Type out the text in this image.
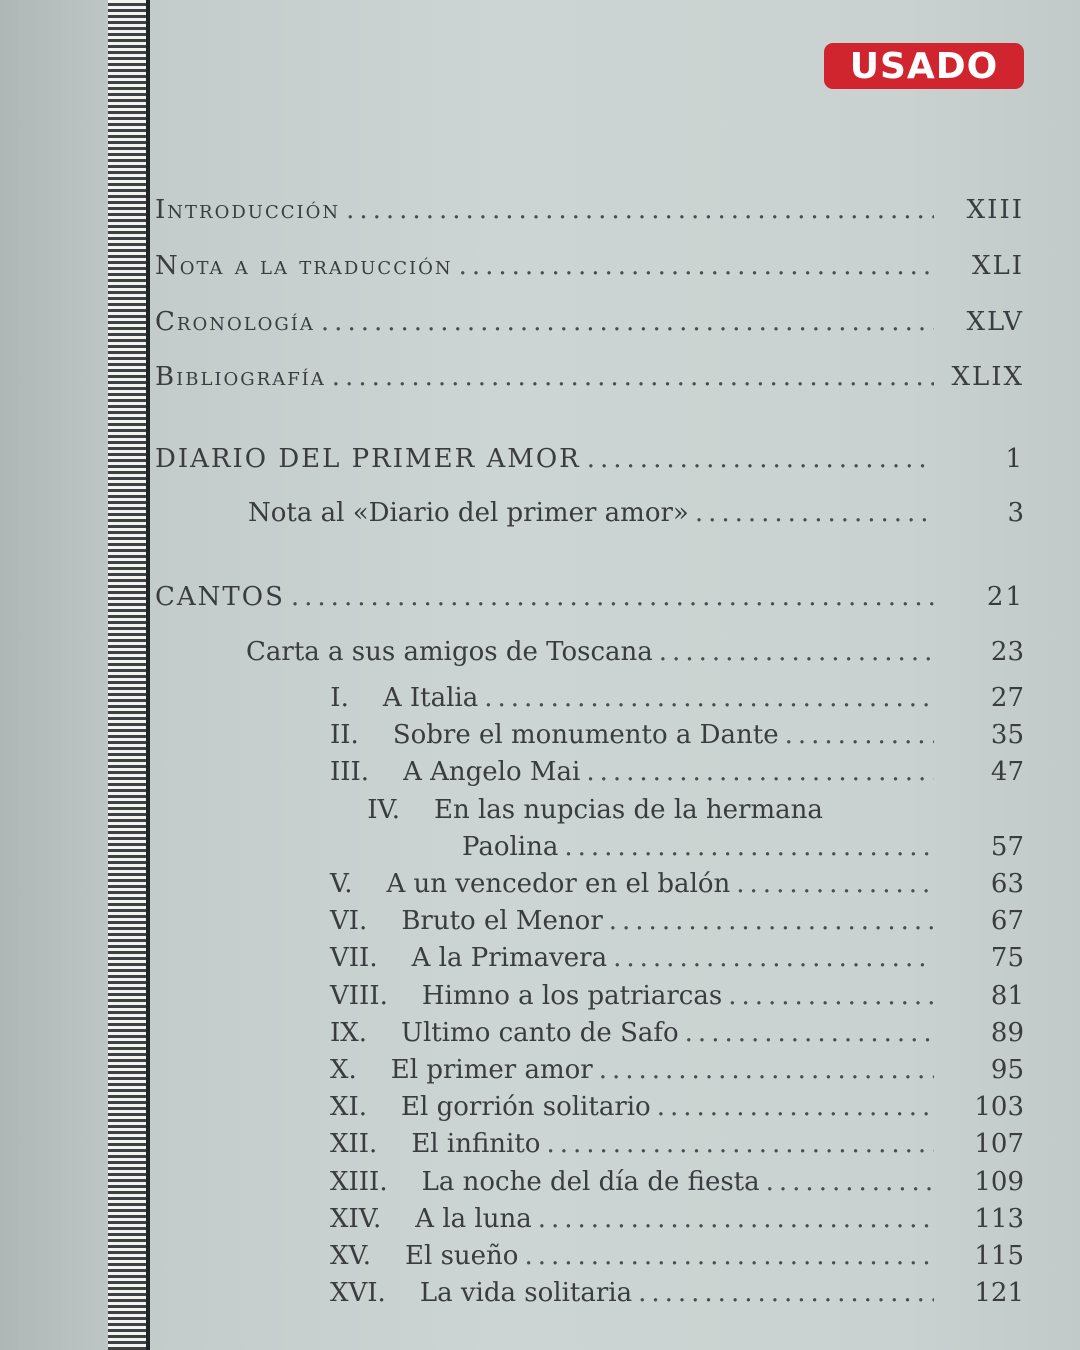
USADO
Introducción .....	XIII
Nota a la traducción .....	XLI
Cronología .....	XLV
Bibliografía .....	XLIX
DIARIO DEL PRIMER AMOR .....	1
Nota al «Diario del primer amor» .....	3
CANTOS .....	21
Carta a sus amigos de Toscana .....	23
I. A Italia .....	27
II. Sobre el monumento a Dante .....	35
III. A Angelo Mai .....	47
IV. En las nupcias de la hermana
Paolina .....	57
V. A un vencedor en el balón .....	63
VI. Bruto el Menor .....	67
VII. A la Primavera .....	75
VIII. Himno a los patriarcas .....	81
IX. Ultimo canto de Safo .....	89
X. El primer amor .....	95
XI. El gorrión solitario .....	103
XII. El infinito .....	107
XIII. La noche del día de fiesta .....	109
XIV. A la luna .....	113
XV. El sueño .....	115
XVI. La vida solitaria .....	121
